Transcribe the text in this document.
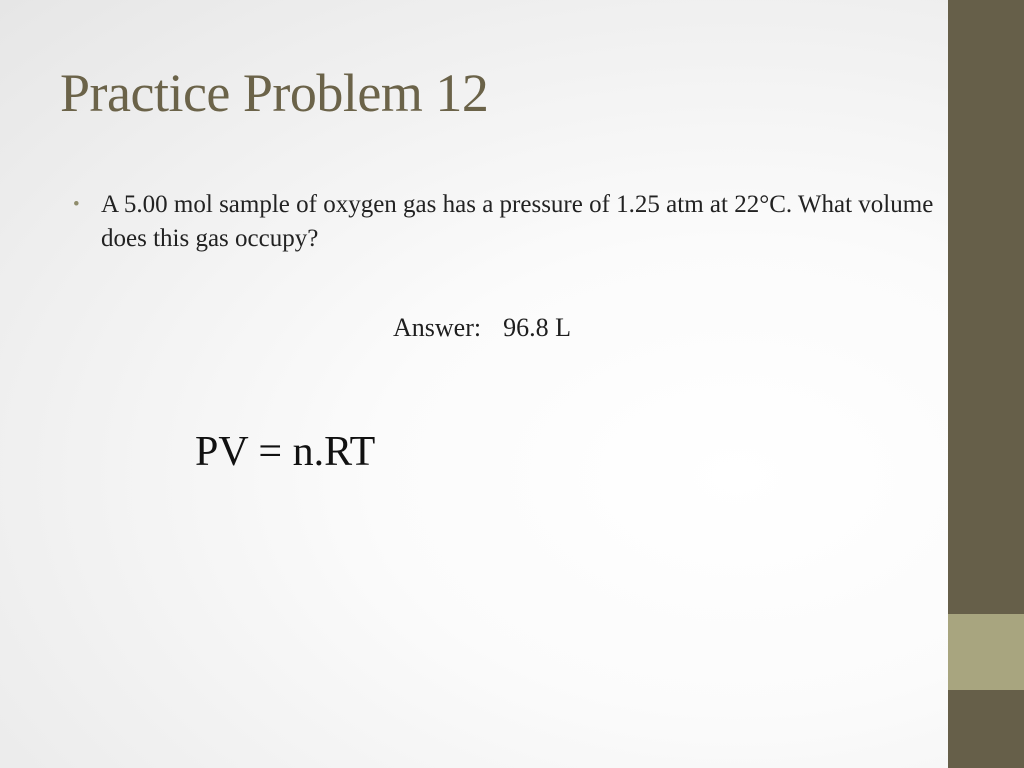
Practice Problem 12
• A 5.00 mol sample of oxygen gas has a pressure of 1.25 atm at 22°C. What volume does this gas occupy?
Answer: 96.8 L
PV = n.RT
